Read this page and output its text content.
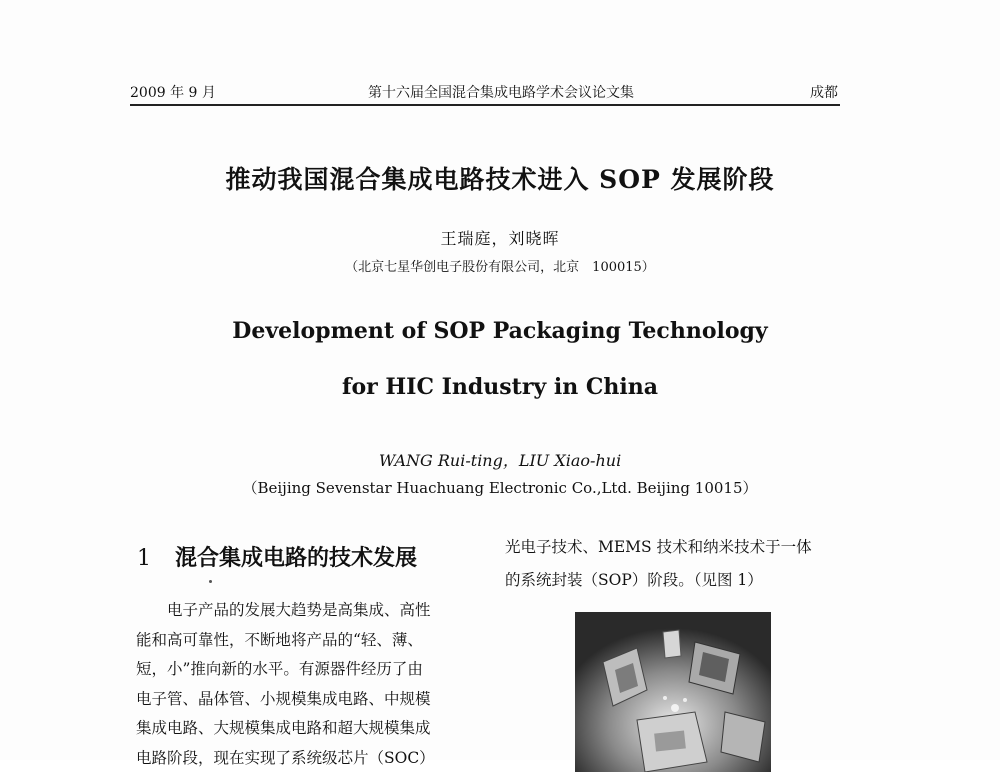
2009 年 9 月	第十六届全国混合集成电路学术会议论文集	成都
推动我国混合集成电路技术进入 SOP 发展阶段
王瑞庭，刘晓晖
（北京七星华创电子股份有限公司，北京　100015）
Development of SOP Packaging Technology
for HIC Industry in China
WANG Rui-ting，LIU Xiao-hui
（Beijing Sevenstar Huachuang Electronic Co.,Ltd. Beijing 10015）
1 混合集成电路的技术发展
　　电子产品的发展大趋势是高集成、高性
能和高可靠性，不断地将产品的“轻、薄、
短，小”推向新的水平。有源器件经历了由
电子管、晶体管、小规模集成电路、中规模
集成电路、大规模集成电路和超大规模集成
电路阶段，现在实现了系统级芯片（SOC）
光电子技术、MEMS 技术和纳米技术于一体
的系统封装（SOP）阶段。（见图 1）
